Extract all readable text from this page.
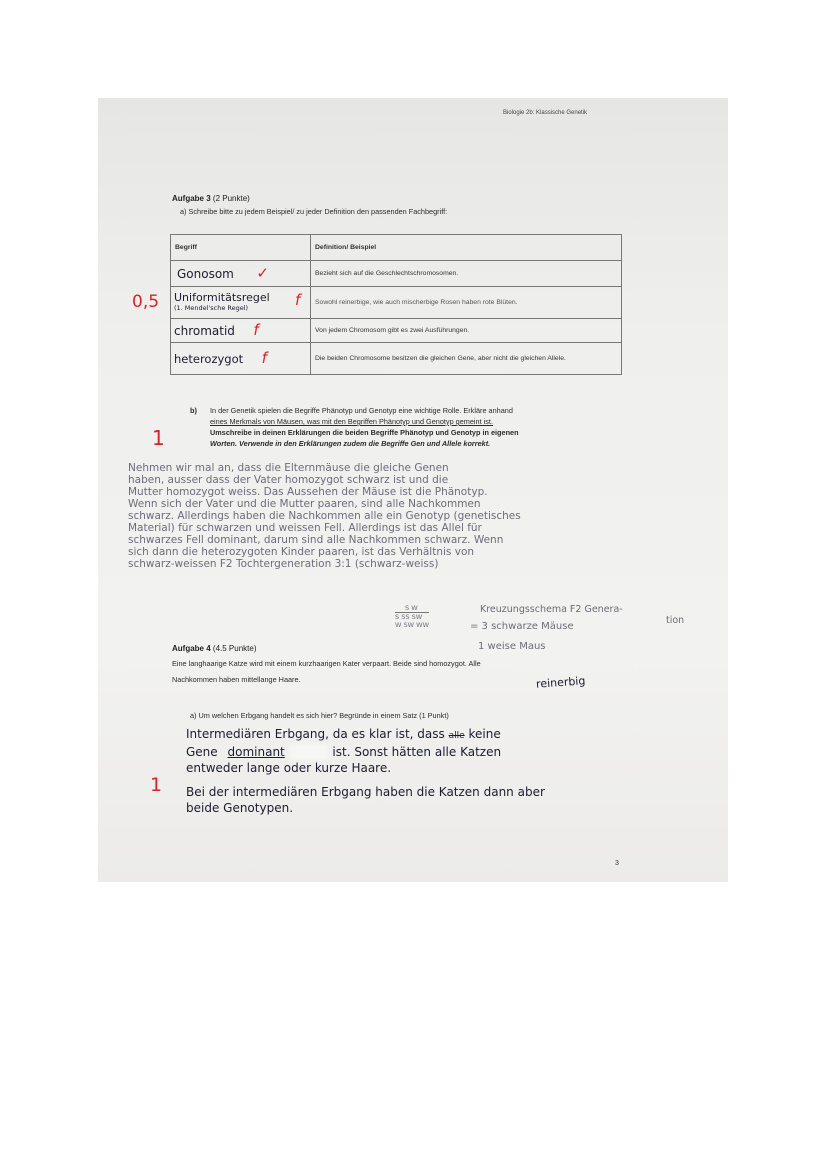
Biologie 2b: Klassische Genetik
Aufgabe 3 (2 Punkte)
a) Schreibe bitte zu jedem Beispiel/ zu jeder Definition den passenden Fachbegriff:
0,5
Begriff	Definition/ Beispiel

Gonosom ✓	Bezieht sich auf die Geschlechtschromosomen.

Uniformitätsregel
(1. Mendel'sche Regel) f	Sowohl reinerbige, wie auch mischerbige Rosen haben rote Blüten.
chromatid f	Von jedem Chromosom gibt es zwei Ausführungen.
heterozygot f	Die beiden Chromosome besitzen die gleichen Gene, aber nicht die gleichen Allele.
b) In der Genetik spielen die Begriffe Phänotyp und Genotyp eine wichtige Rolle. Erkläre anhand
eines Merkmals von Mäusen, was mit den Begriffen Phänotyp und Genotyp gemeint ist.
Umschreibe in deinen Erklärungen die beiden Begriffe Phänotyp und Genotyp in eigenen
Worten. Verwende in den Erklärungen zudem die Begriffe Gen und Allele korrekt.
1
Nehmen wir mal an, dass die Elternmäuse die gleiche Genen
haben, ausser dass der Vater homozygot schwarz ist und die
Mutter homozygot weiss. Das Aussehen der Mäuse ist die Phänotyp.
Wenn sich der Vater und die Mutter paaren, sind alle Nachkommen
schwarz. Allerdings haben die Nachkommen alle ein Genotyp (genetisches
Material) für schwarzen und weissen Fell. Allerdings ist das Allel für
schwarzes Fell dominant, darum sind alle Nachkommen schwarz. Wenn
sich dann die heterozygoten Kinder paaren, ist das Verhältnis von
schwarz-weissen F2 Tochtergeneration 3:1 (schwarz-weiss)
S W
S SS SW
W SW WW
Kreuzungsschema F2 Genera-
tion
= 3 schwarze Mäuse
1 weise Maus
Aufgabe 4 (4.5 Punkte)
Eine langhaarige Katze wird mit einem kurzhaarigen Kater verpaart. Beide sind homozygot. Alle
Nachkommen haben mittellange Haare.	reinerbig
a) Um welchen Erbgang handelt es sich hier? Begründe in einem Satz (1 Punkt)
Intermediären Erbgang, da es klar ist, dass alle keine
Gene dominant	ist. Sonst hätten alle Katzen
entweder lange oder kurze Haare.
Bei der intermediären Erbgang haben die Katzen dann aber
beide Genotypen.
1
3
